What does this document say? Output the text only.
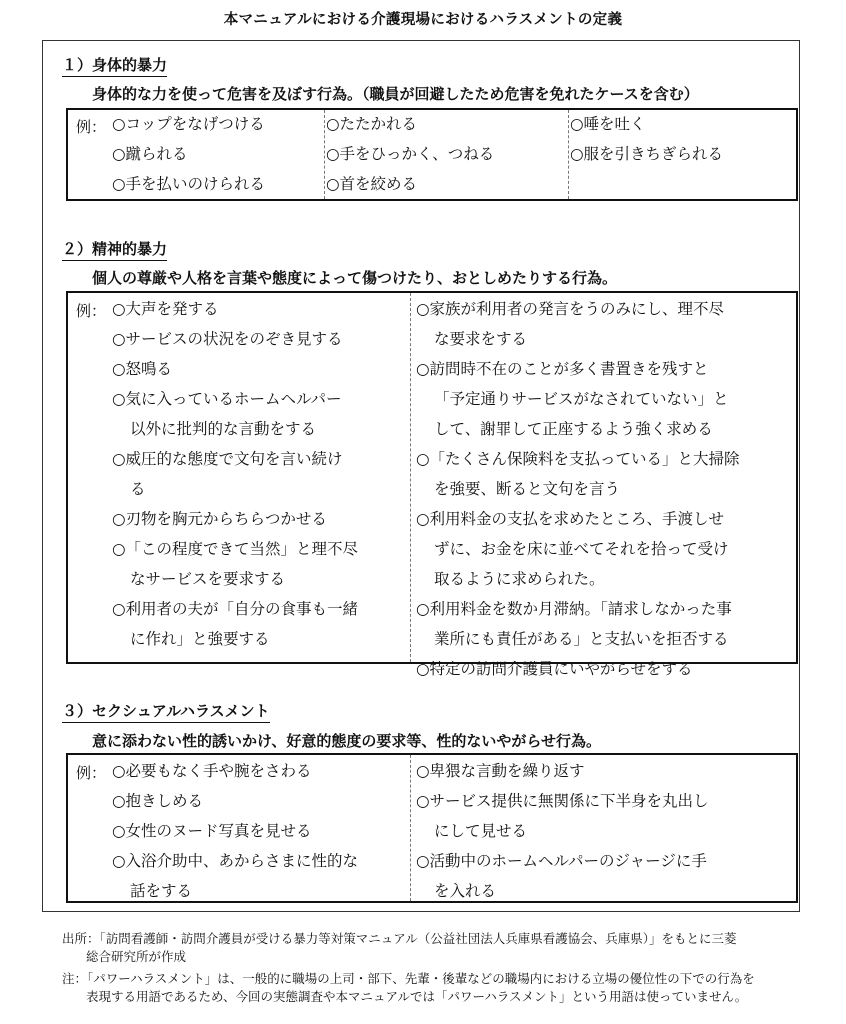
本マニュアルにおける介護現場におけるハラスメントの定義
１）身体的暴力
身体的な力を使って危害を及ぼす行為。（職員が回避したため危害を免れたケースを含む）
例： ○コップをなげつける
○蹴られる
○手を払いのけられる
○たたかれる
○手をひっかく、つねる
○首を絞める
○唾を吐く
○服を引きちぎられる
２）精神的暴力
個人の尊厳や人格を言葉や態度によって傷つけたり、おとしめたりする行為。
例： ○大声を発する
○サービスの状況をのぞき見する
○怒鳴る
○気に入っているホームヘルパー
以外に批判的な言動をする
○威圧的な態度で文句を言い続け
る
○刃物を胸元からちらつかせる
○「この程度できて当然」と理不尽
なサービスを要求する
○利用者の夫が「自分の食事も一緒
に作れ」と強要する
○家族が利用者の発言をうのみにし、理不尽
な要求をする
○訪問時不在のことが多く書置きを残すと
「予定通りサービスがなされていない」と
して、謝罪して正座するよう強く求める
○「たくさん保険料を支払っている」と大掃除
を強要、断ると文句を言う
○利用料金の支払を求めたところ、手渡しせ
ずに、お金を床に並べてそれを拾って受け
取るように求められた。
○利用料金を数か月滞納。「請求しなかった事
業所にも責任がある」と支払いを拒否する
○特定の訪問介護員にいやがらせをする
３）セクシュアルハラスメント
意に添わない性的誘いかけ、好意的態度の要求等、性的ないやがらせ行為。
例： ○必要もなく手や腕をさわる
○抱きしめる
○女性のヌード写真を見せる
○入浴介助中、あからさまに性的な
話をする
○卑猥な言動を繰り返す
○サービス提供に無関係に下半身を丸出し
にして見せる
○活動中のホームヘルパーのジャージに手
を入れる
出所：「訪問看護師・訪問介護員が受ける暴力等対策マニュアル（公益社団法人兵庫県看護協会、兵庫県）」をもとに三菱
総合研究所が作成
注：「パワーハラスメント」は、一般的に職場の上司・部下、先輩・後輩などの職場内における立場の優位性の下での行為を
表現する用語であるため、今回の実態調査や本マニュアルでは「パワーハラスメント」という用語は使っていません。
